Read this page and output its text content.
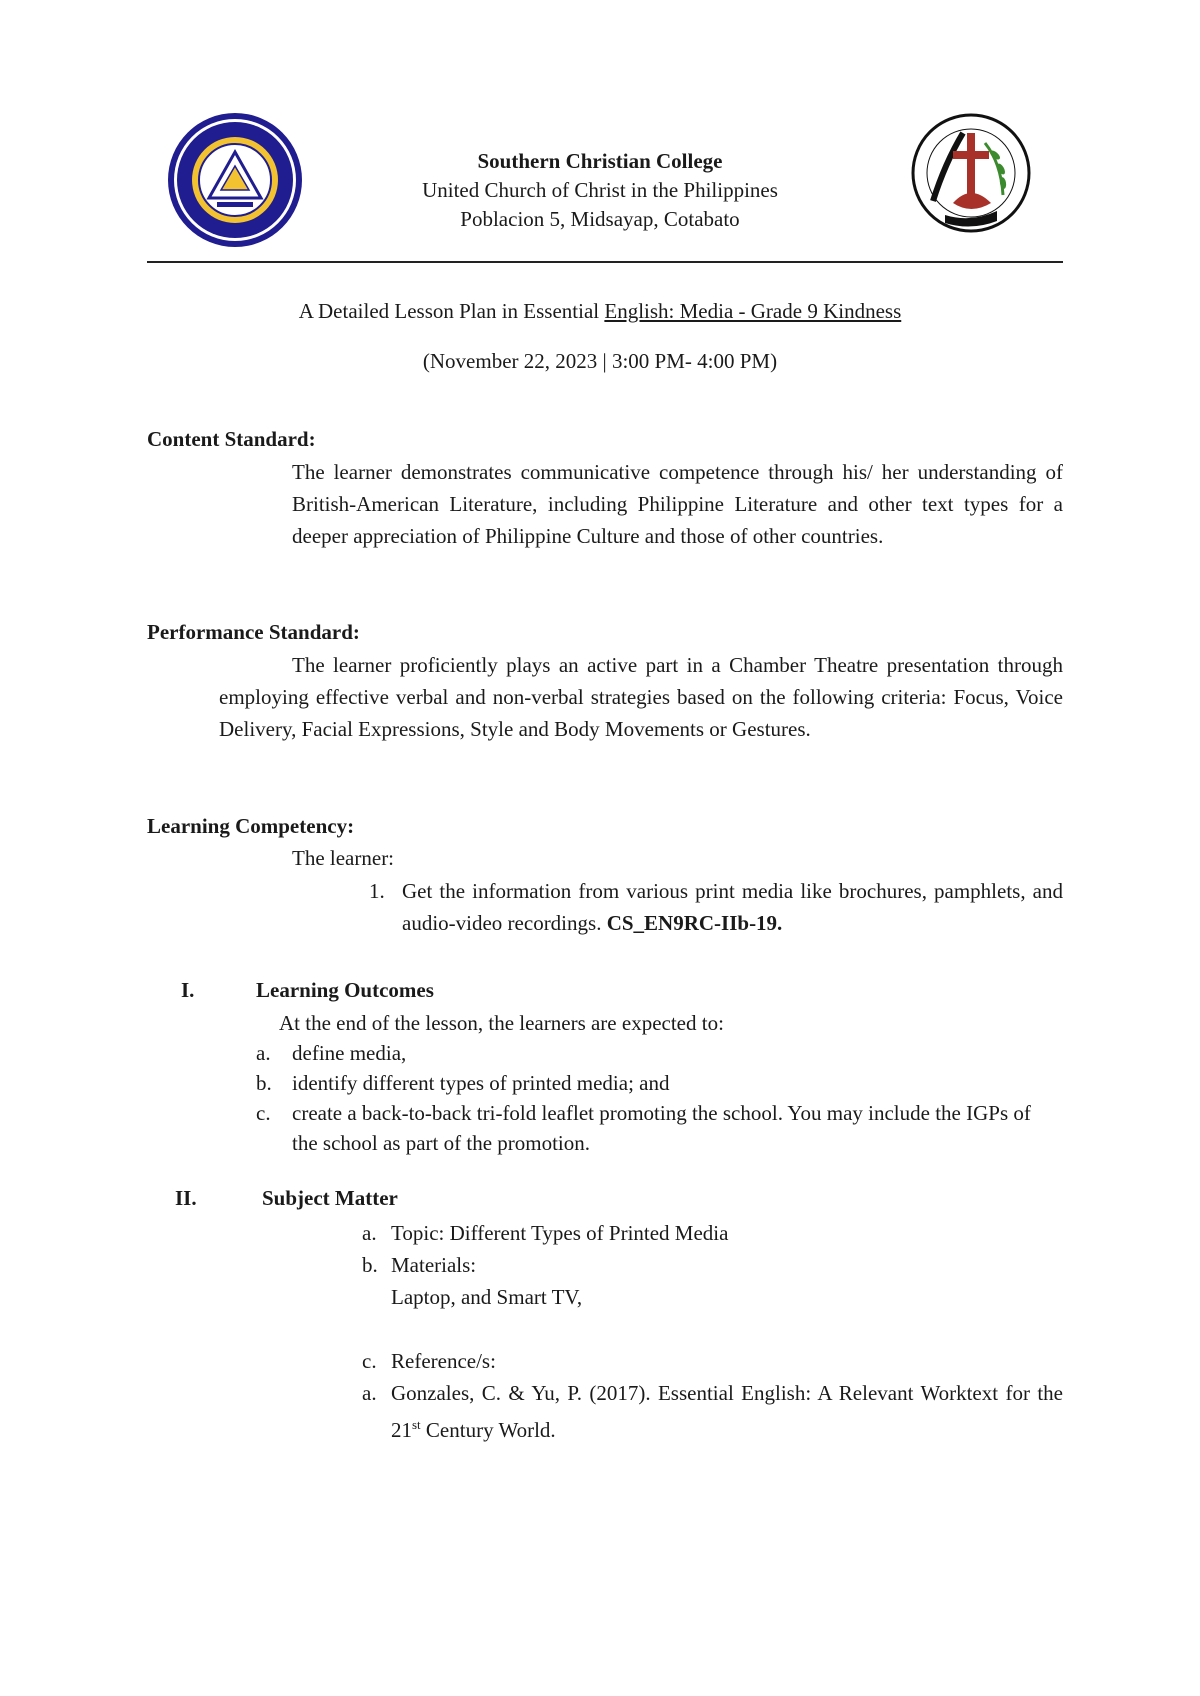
Southern Christian College
United Church of Christ in the Philippines
Poblacion 5, Midsayap, Cotabato
A Detailed Lesson Plan in Essential English: Media - Grade 9 Kindness
(November 22, 2023 | 3:00 PM- 4:00 PM)
Content Standard:
The learner demonstrates communicative competence through his/ her understanding of British-American Literature, including Philippine Literature and other text types for a deeper appreciation of Philippine Culture and those of other countries.
Performance Standard:
The learner proficiently plays an active part in a Chamber Theatre presentation through employing effective verbal and non-verbal strategies based on the following criteria: Focus, Voice Delivery, Facial Expressions, Style and Body Movements or Gestures.
Learning Competency:
The learner:
1. Get the information from various print media like brochures, pamphlets, and audio-video recordings. CS_EN9RC-IIb-19.
I.	Learning Outcomes
At the end of the lesson, the learners are expected to:
a. define media,
b. identify different types of printed media; and
c. create a back-to-back tri-fold leaflet promoting the school. You may include the IGPs of the school as part of the promotion.
II.	Subject Matter
a. Topic: Different Types of Printed Media
b. Materials:
Laptop, and Smart TV,
c. Reference/s:
a. Gonzales, C. & Yu, P. (2017). Essential English: A Relevant Worktext for the 21st Century World.
